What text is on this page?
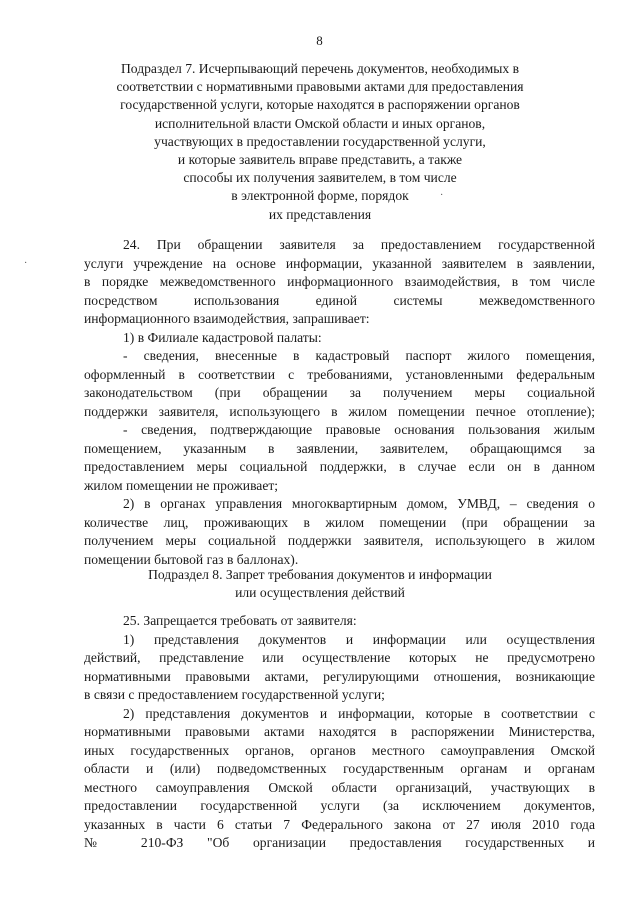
8
Подраздел 7. Исчерпывающий перечень документов, необходимых в
соответствии с нормативными правовыми актами для предоставления
государственной услуги, которые находятся в распоряжении органов
исполнительной власти Омской области и иных органов,
участвующих в предоставлении государственной услуги,
и которые заявитель вправе представить, а также
способы их получения заявителем, в том числе
в электронной форме, порядок
их представления
24. При обращении заявителя за предоставлением государственной
услуги учреждение на основе информации, указанной заявителем в заявлении,
в порядке межведомственного информационного взаимодействия, в том числе
посредством использования единой системы межведомственного
информационного взаимодействия, запрашивает:
1) в Филиале кадастровой палаты:
- сведения, внесенные в кадастровый паспорт жилого помещения,
оформленный в соответствии с требованиями, установленными федеральным
законодательством (при обращении за получением меры социальной
поддержки заявителя, использующего в жилом помещении печное отопление);
- сведения, подтверждающие правовые основания пользования жилым
помещением, указанным в заявлении, заявителем, обращающимся за
предоставлением меры социальной поддержки, в случае если он в данном
жилом помещении не проживает;
2) в органах управления многоквартирным домом, УМВД, – сведения о
количестве лиц, проживающих в жилом помещении (при обращении за
получением меры социальной поддержки заявителя, использующего в жилом
помещении бытовой газ в баллонах).
Подраздел 8. Запрет требования документов и информации
или осуществления действий
25. Запрещается требовать от заявителя:
1) представления документов и информации или осуществления
действий, представление или осуществление которых не предусмотрено
нормативными правовыми актами, регулирующими отношения, возникающие
в связи с предоставлением государственной услуги;
2) представления документов и информации, которые в соответствии с
нормативными правовыми актами находятся в распоряжении Министерства,
иных государственных органов, органов местного самоуправления Омской
области и (или) подведомственных государственным органам и органам
местного самоуправления Омской области организаций, участвующих в
предоставлении государственной услуги (за исключением документов,
указанных в части 6 статьи 7 Федерального закона от 27 июля 2010 года
№ 210-ФЗ "Об организации предоставления государственных и
·
·
